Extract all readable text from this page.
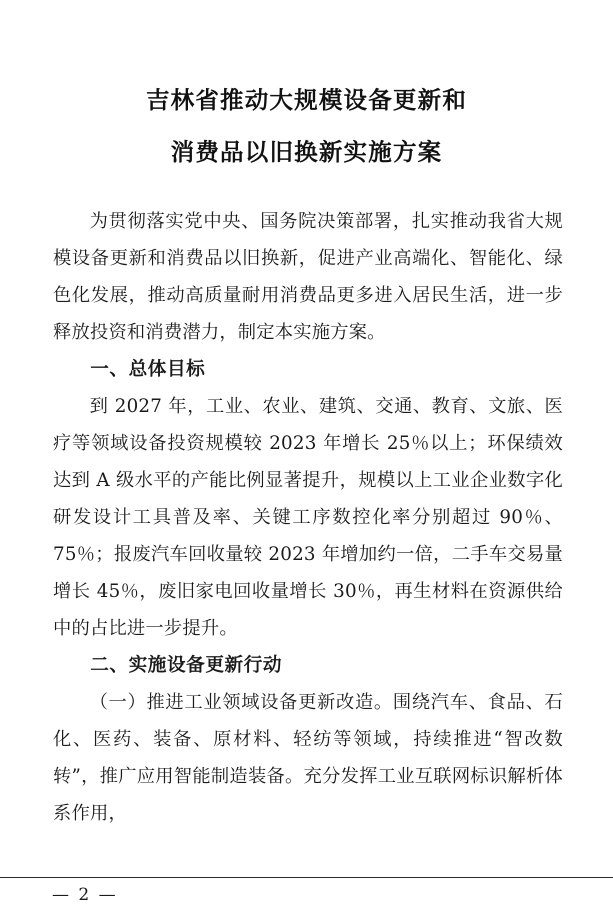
吉林省推动大规模设备更新和
消费品以旧换新实施方案

为贯彻落实党中央、国务院决策部署，扎实推动我省大规模设备更新和消费品以旧换新，促进产业高端化、智能化、绿色化发展，推动高质量耐用消费品更多进入居民生活，进一步释放投资和消费潜力，制定本实施方案。

一、总体目标

到 2027 年，工业、农业、建筑、交通、教育、文旅、医疗等领域设备投资规模较 2023 年增长 25％以上；环保绩效达到 A 级水平的产能比例显著提升，规模以上工业企业数字化研发设计工具普及率、关键工序数控化率分别超过 90％、75％；报废汽车回收量较 2023 年增加约一倍，二手车交易量增长 45％，废旧家电回收量增长 30％，再生材料在资源供给中的占比进一步提升。

二、实施设备更新行动

（一）推进工业领域设备更新改造。围绕汽车、食品、石化、医药、装备、原材料、轻纺等领域，持续推进“智改数转”，推广应用智能制造装备。充分发挥工业互联网标识解析体系作用，

— 2 —
